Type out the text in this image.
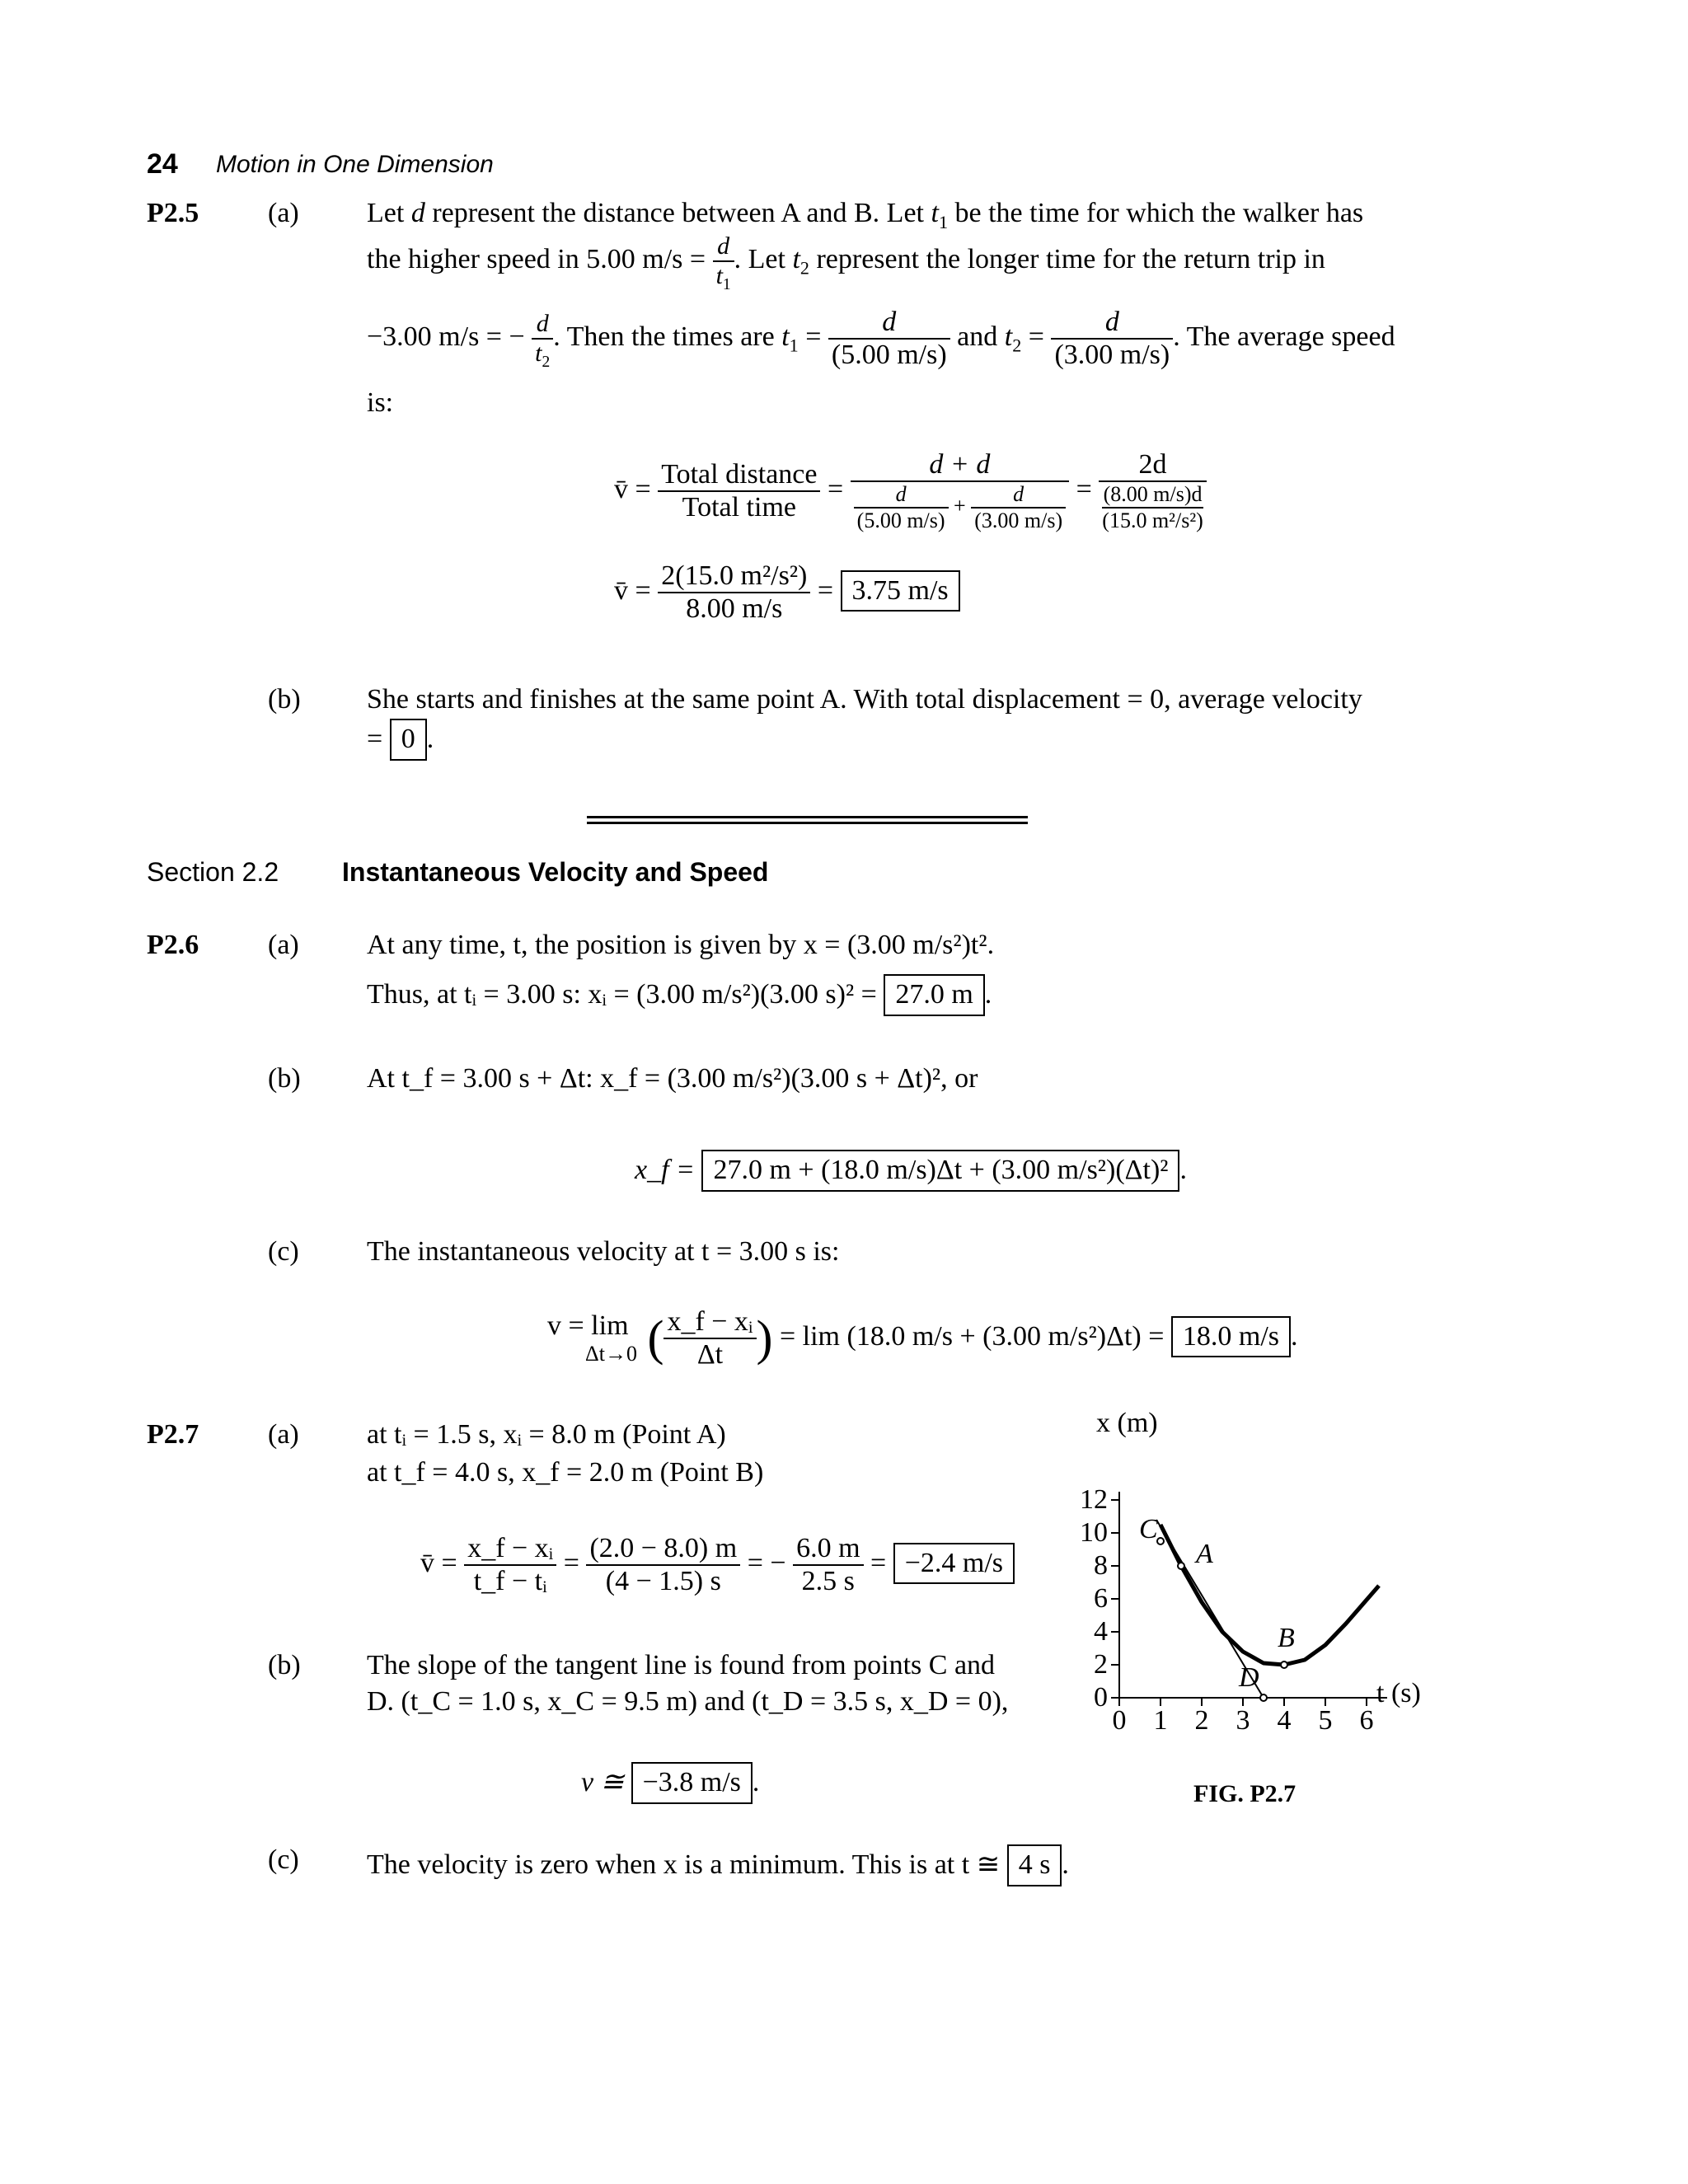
24 Motion in One Dimension
P2.5 (a) Let d represent the distance between A and B. Let $t_1$ be the time for which the walker has
the higher speed in 5.00 $m/s = \frac{d}{t_1}$ . Let $t_2$ represent the longer time for the return trip in
−3.00 m/s = − $\frac{d}{t_2}$ . Then the times are $t_1 = \frac{d}{(5.00 m/s)}$ and $t_2 = \frac{d}{(3.00 m/s)}$ . The average speed
is:
v̄ = $\frac{\text{Total distance}}{\text{Total time}} = \frac{d + d}{\frac{d}{(5.00 m/s)} + \frac{d}{(3.00 m/s)}} = 2d$
(8.00 m/s)d
(15.0 m²/s²)
v̄ = $\frac{\text{2(15.0 m²/s²)}}{8.00 m/s} = 3.75$ m/s
(b) She starts and finishes at the same point A. With total displacement = 0, average velocity
= 0 .
Section 2.2 Instantaneous Velocity and Speed
P2.6 (a) At any time, t, the position is given by x = (3.00 m/s²)t².
Thus, at tᵢ = 3.00 s: xᵢ = (3.00 m/s²)(3.00 s)² = 27.0 m .
(b) At t_f = 3.00 s + Δt: x_f = (3.00 m/s²)(3.00 s + Δt)², or
x_f = 27.0 m + (18.0 m/s)Δt + (3.00 m/s²)(Δt)² .
(c) The instantaneous velocity at t = 3.00 s is:
v = lim
Δt→0 ( $\frac{\text{x\_f − xᵢ}}{\Delta t}$ ) = lim (18.0 m/s + (3.00 m/s²)Δt) = 18.0 m/s .
P2.7 (a) at tᵢ = 1.5 s, xᵢ = 8.0 m (Point A)
at t_f = 4.0 s, x_f = 2.0 m (Point B)
v̄ = $\frac{\text{x\_f − xᵢ}}{\text{t\_f − tᵢ}} = \frac{(2.0 - 8.0) m}{(4 - 1.5) s}$ = − $\frac{6.0 m}{2.5 s} = -2.4$ m/s
(b) The slope of the tangent line is found from points C and
D. (t_C = 1.0 s, x_C = 9.5 m) and (t_D = 3.5 s, x_D = 0),
v ≅ −3.8 m/s .
(c) The velocity is zero when x is a minimum. This is at t ≅ 4 s .
x (m)
t (s)
0 1 2 3 4 5 6
0
2
4
6
8
10
12
C
A
B
D
FIG. P2.7
